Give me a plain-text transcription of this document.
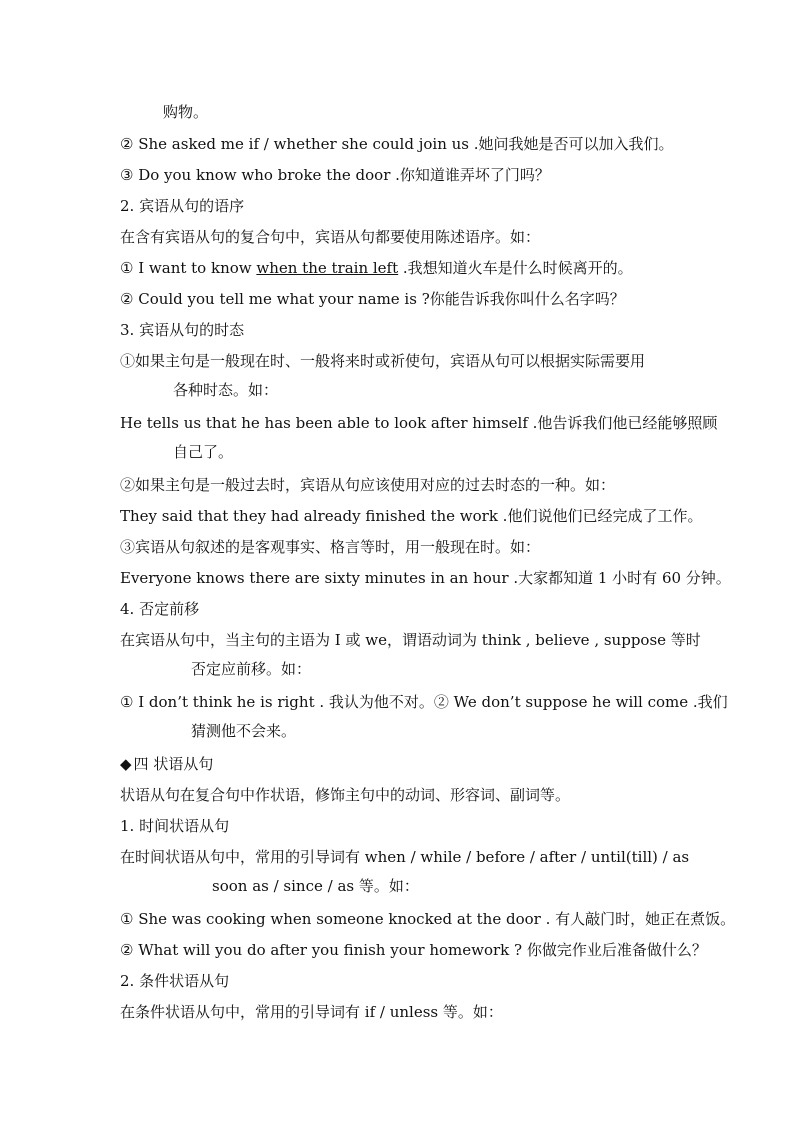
购物。
② She asked me if / whether she could join us .她问我她是否可以加入我们。
③ Do you know who broke the door .你知道谁弄坏了门吗？
2. 宾语从句的语序
在含有宾语从句的复合句中，宾语从句都要使用陈述语序。如：
① I want to know when the train left .我想知道火车是什么时候离开的。
② Could you tell me what your name is ?你能告诉我你叫什么名字吗？
3. 宾语从句的时态
①如果主句是一般现在时、一般将来时或祈使句，宾语从句可以根据实际需要用
各种时态。如：
He tells us that he has been able to look after himself .他告诉我们他已经能够照顾
自己了。
②如果主句是一般过去时，宾语从句应该使用对应的过去时态的一种。如：
They said that they had already finished the work .他们说他们已经完成了工作。
③宾语从句叙述的是客观事实、格言等时，用一般现在时。如：
Everyone knows there are sixty minutes in an hour .大家都知道 1 小时有 60 分钟。
4. 否定前移
在宾语从句中，当主句的主语为 I 或 we，谓语动词为 think , believe , suppose 等时
否定应前移。如：
① I don’t think he is right . 我认为他不对。② We don’t suppose he will come .我们
猜测他不会来。
◆ 四 状语从句
状语从句在复合句中作状语，修饰主句中的动词、形容词、副词等。
1. 时间状语从句
在时间状语从句中，常用的引导词有 when / while / before / after / until(till) / as
soon as / since / as 等。如：
① She was cooking when someone knocked at the door . 有人敲门时，她正在煮饭。
② What will you do after you finish your homework ? 你做完作业后准备做什么？
2. 条件状语从句
在条件状语从句中，常用的引导词有 if / unless 等。如：
